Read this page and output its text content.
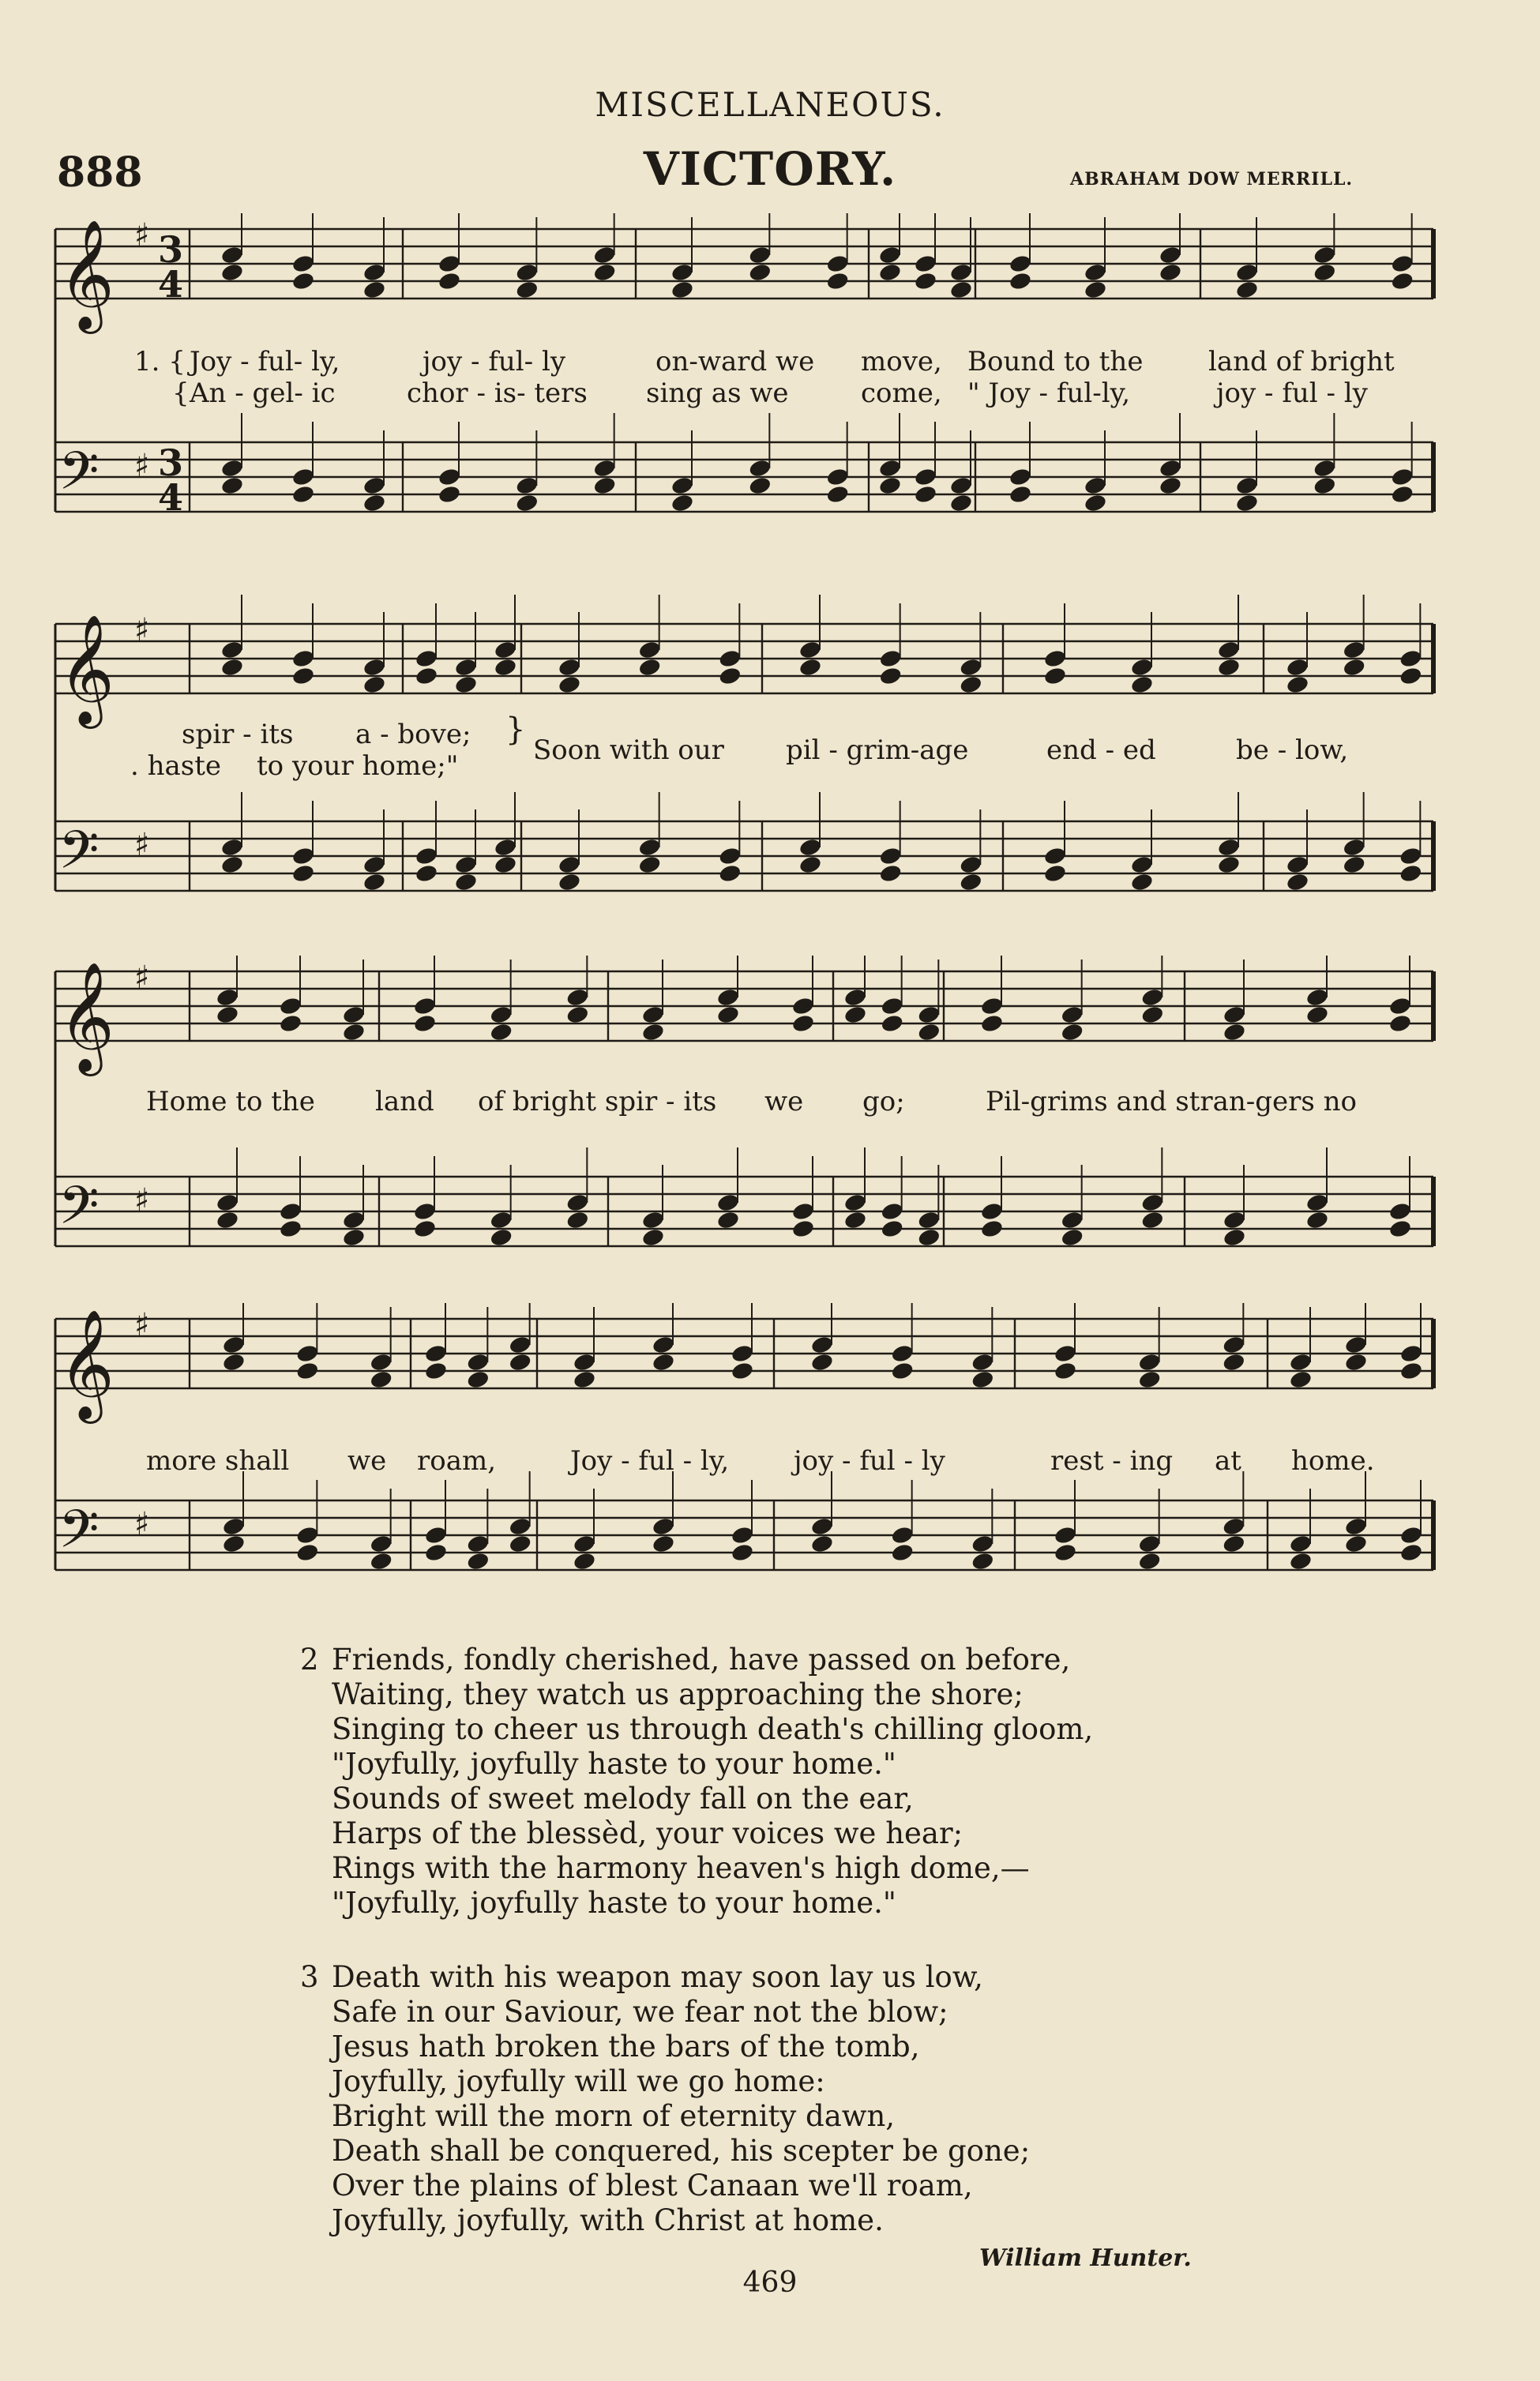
MISCELLANEOUS.
888	VICTORY.	ABRAHAM DOW MERRILL.
𝄞 ♯ 3
4
𝄢 ♯ 3
4
1. { Joy - ful- ly,	joy - ful- ly	on-ward we move, Bound to the land of bright
{ An - gel- ic	chor - is- ters sing as we	come, " Joy - ful-ly,	joy - ful - ly
𝄞 ♯
𝄢 ♯
spir - its a - bove; }
. haste to your home;"	Soon with our pil - grim-age	end - ed	be - low,
𝄞 ♯
𝄢 ♯
Home to the land of bright spir - its we go;	Pil-grims and stran-gers no
𝄞 ♯
𝄢 ♯
more shall we roam,	Joy - ful - ly, joy - ful - ly	rest - ing at home.
2 Friends, fondly cherished, have passed on before,
Waiting, they watch us approaching the shore;
Singing to cheer us through death's chilling gloom,
"Joyfully, joyfully haste to your home."
Sounds of sweet melody fall on the ear,
Harps of the blessèd, your voices we hear;
Rings with the harmony heaven's high dome,—
"Joyfully, joyfully haste to your home."
3 Death with his weapon may soon lay us low,
Safe in our Saviour, we fear not the blow;
Jesus hath broken the bars of the tomb,
Joyfully, joyfully will we go home:
Bright will the morn of eternity dawn,
Death shall be conquered, his scepter be gone;
Over the plains of blest Canaan we'll roam,
Joyfully, joyfully, with Christ at home.
William Hunter.
469
